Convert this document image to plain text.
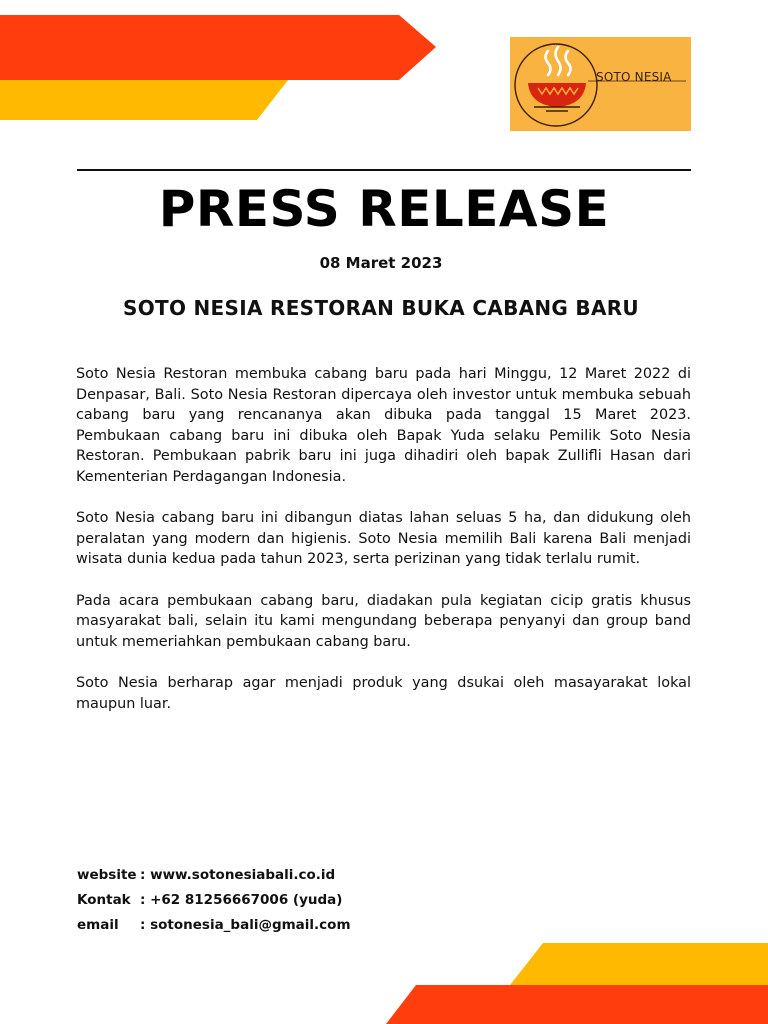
SOTO NESIA
PRESS RELEASE
08 Maret 2023
SOTO NESIA RESTORAN BUKA CABANG BARU

Soto Nesia Restoran membuka cabang baru pada hari Minggu, 12 Maret 2022 di Denpasar, Bali. Soto Nesia Restoran dipercaya oleh investor untuk membuka sebuah cabang baru yang rencananya akan dibuka pada tanggal 15 Maret 2023. Pembukaan cabang baru ini dibuka oleh Bapak Yuda selaku Pemilik Soto Nesia Restoran. Pembukaan pabrik baru ini juga dihadiri oleh bapak Zullifli Hasan dari Kementerian Perdagangan Indonesia.

Soto Nesia cabang baru ini dibangun diatas lahan seluas 5 ha, dan didukung oleh peralatan yang modern dan higienis. Soto Nesia memilih Bali karena Bali menjadi wisata dunia kedua pada tahun 2023, serta perizinan yang tidak terlalu rumit.

Pada acara pembukaan cabang baru, diadakan pula kegiatan cicip gratis khusus masyarakat bali, selain itu kami mengundang beberapa penyanyi dan group band untuk memeriahkan pembukaan cabang baru.

Soto Nesia berharap agar menjadi produk yang dsukai oleh masayarakat lokal maupun luar.

website : www.sotonesiabali.co.id
Kontak : +62 81256667006 (yuda)
email : sotonesia_bali@gmail.com
